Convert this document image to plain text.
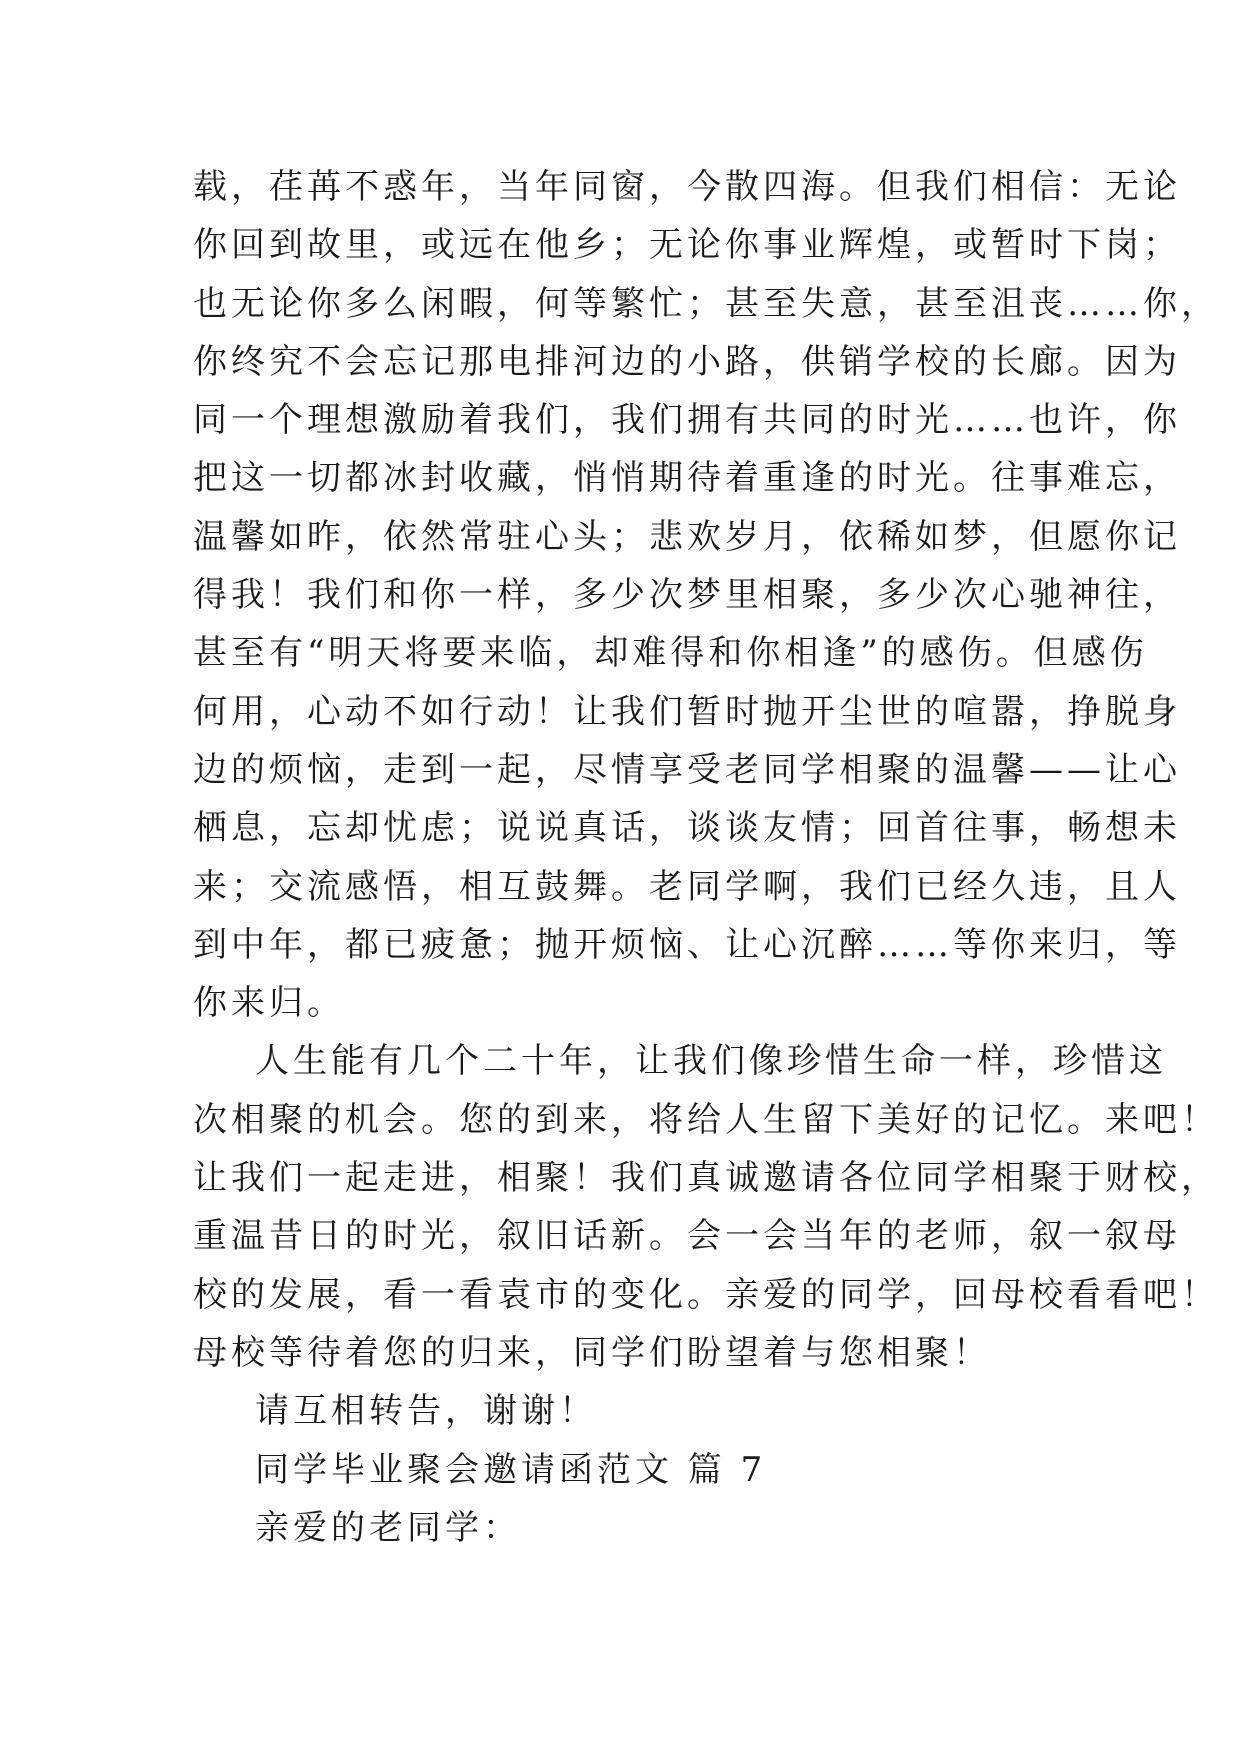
载，荏苒不惑年，当年同窗，今散四海。但我们相信：无论
你回到故里，或远在他乡；无论你事业辉煌，或暂时下岗；
也无论你多么闲暇，何等繁忙；甚至失意，甚至沮丧……你，
你终究不会忘记那电排河边的小路，供销学校的长廊。因为
同一个理想激励着我们，我们拥有共同的时光……也许，你
把这一切都冰封收藏，悄悄期待着重逢的时光。往事难忘，
温馨如昨，依然常驻心头；悲欢岁月，依稀如梦，但愿你记
得我！我们和你一样，多少次梦里相聚，多少次心驰神往，
甚至有“明天将要来临，却难得和你相逢”的感伤。但感伤
何用，心动不如行动！让我们暂时抛开尘世的喧嚣，挣脱身
边的烦恼，走到一起，尽情享受老同学相聚的温馨——让心
栖息，忘却忧虑；说说真话，谈谈友情；回首往事，畅想未
来；交流感悟，相互鼓舞。老同学啊，我们已经久违，且人
到中年，都已疲惫；抛开烦恼、让心沉醉……等你来归，等
你来归。
人生能有几个二十年，让我们像珍惜生命一样，珍惜这
次相聚的机会。您的到来，将给人生留下美好的记忆。来吧！
让我们一起走进，相聚！我们真诚邀请各位同学相聚于财校，
重温昔日的时光，叙旧话新。会一会当年的老师，叙一叙母
校的发展，看一看袁市的变化。亲爱的同学，回母校看看吧！
母校等待着您的归来，同学们盼望着与您相聚！
请互相转告，谢谢！
同学毕业聚会邀请函范文 篇 7
亲爱的老同学：
